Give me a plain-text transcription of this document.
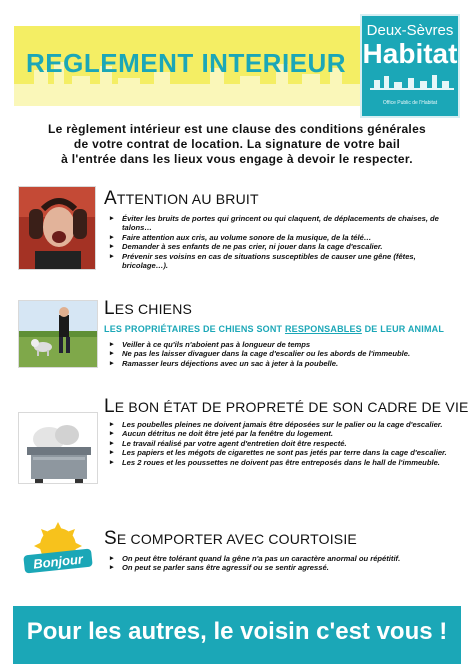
REGLEMENT INTERIEUR
Deux-Sèvres
Habitat
Office Public de l'Habitat
Le règlement intérieur est une clause des conditions générales
de votre contrat de location. La signature de votre bail
à l'entrée dans les lieux vous engage à devoir le respecter.
ATTENTION AU BRUIT
▸ Éviter les bruits de portes qui grincent ou qui claquent, de déplacements de chaises, de talons…
▸ Faire attention aux cris, au volume sonore de la musique, de la télé…
▸ Demander à ses enfants de ne pas crier, ni jouer dans la cage d'escalier.
▸ Prévenir ses voisins en cas de situations susceptibles de causer une gêne (fêtes, bricolage…).
LES CHIENS
LES PROPRIÉTAIRES DE CHIENS SONT RESPONSABLES DE LEUR ANIMAL
▸ Veiller à ce qu'ils n'aboient pas à longueur de temps
▸ Ne pas les laisser divaguer dans la cage d'escalier ou les abords de l'immeuble.
▸ Ramasser leurs déjections avec un sac à jeter à la poubelle.
LE BON ÉTAT DE PROPRETÉ DE SON CADRE DE VIE
▸ Les poubelles pleines ne doivent jamais être déposées sur le palier ou la cage d'escalier.
▸ Aucun détritus ne doit être jeté par la fenêtre du logement.
▸ Le travail réalisé par votre agent d'entretien doit être respecté.
▸ Les papiers et les mégots de cigarettes ne sont pas jetés par terre dans la cage d'escalier.
▸ Les 2 roues et les poussettes ne doivent pas être entreposés dans le hall de l'immeuble.
Bonjour
SE COMPORTER AVEC COURTOISIE
▸ On peut être tolérant quand la gêne n'a pas un caractère anormal ou répétitif.
▸ On peut se parler sans être agressif ou se sentir agressé.
Pour les autres, le voisin c'est vous !
